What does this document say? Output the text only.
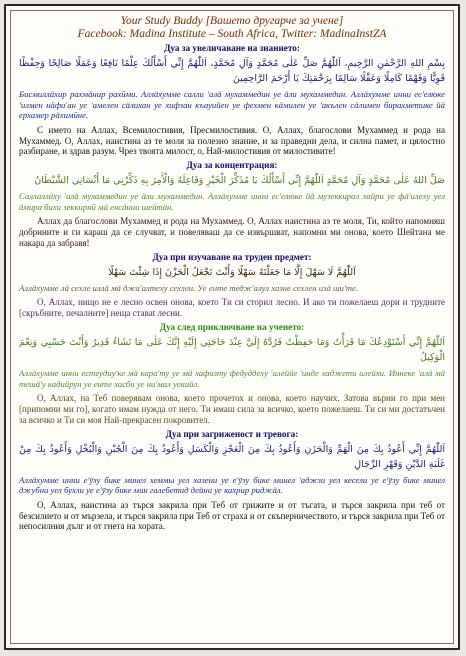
Your Study Buddy [Вашето другарче за учене]
Facebook: Madina Institute – South Africa, Twitter: MadinaInstZA
Дуа за увеличаване на знанието:
بِسْمِ اللهِ الرَّحْمٰنِ الرَّحِيمِ، اَللّٰهُمَّ صَلِّ عَلٰى مُحَمَّدٍ وَآلِ مُحَمَّدٍ، اَللّٰهُمَّ إِنِّي أَسْأَلُكَ عِلْمًا نَافِعًا وَعَمَلًا صَالِحًا وَحِفْظًا قَوِيًّا وَفَهْمًا كَامِلًا وَعَقْلًا سَالِمًا بِرَحْمَتِكَ يَا أَرْحَمَ الرَّاحِمِينَ
Бисмиллӓхир рахмӓнир рахӣми. Аллӓхумме салли 'алӓ мухаммедин уе ӓли мухаммедин. Аллӓхумме инни ес'елюке 'илмен нӓфи'ан уе 'амелен сӓлихан уе хифзан къауийен уе фехмен кӓмилен уе 'акълен сӓлимен бирахметике йӓ ерхамер рӓхимӣне.
С името на Аллах, Всемилостивия, Пресмилостивия. О, Аллах, благослови Мухаммед и рода на Мухаммед. О, Аллах, наистина аз те моля за полезно знание, и за праведни дела, и силна памет, и цялостно разбиране, и здрав разум. Чрез твоята милост, о, Най-милостивия от милостивите!
Дуа за концентрация:
صَلِّ اللهُ عَلٰى مُحَمَّدٍ وَآلِ مُحَمَّدٍ اَللّٰهُمَّ إِنِّي أَسْأَلُكَ يَا مُذَكِّرَ الْخَيْرِ وَفَاعِلَهُ وَالْأَمِرَ بِهِ ذَكِّرْنِي مَا أَنْسَانِي الشَّيْطَانُ
Саллаллӓху 'алӓ мухаммедин уе ӓли мухаммедин. Аллӓхумме инни ес'елюке йӓ музеккирал хайри уе фӓ'илеху уел ӓмира бихи зеккирнӣ мӓ енсӓнии шейтӓн.
Аллах да благослови Мухаммед и рода на Мухаммед. О, Аллах наистина аз те моля, Ти, който напомняш добрините и ги караш да се случват, и повеляваш да се извършват, напомни ми онова, което Шейтана ме накара да забравя!
Дуа при изучаване на труден предмет:
اَللّٰهُمَّ لَا سَهْلَ إِلَّا مَا جَعَلْتَهُ سَهْلًا وَأَنْتَ تَجْعَلُ الْحَزْنَ إِذَا شِئْتَ سَهْلًا
Аллӓхумме лӓ сехле иллӓ мӓ джа'алтеху сехлен. Уе енте тедж'алул хазне сехлен изӓ ши'те.
О, Аллах, нищо не е лесно освен онова, което Ти си сторил лесно. И ако ти пожелаеш дори и трудните [скръбните, печалните] неща ставаt лесни.
Дуа след приключване на ученето:
اَللّٰهُمَّ إِنِّي أَسْتَوْدِعُكَ مَا قَرَأْتُ وَمَا حَفِظْتُ فَرُدَّهُ إِلَيَّ عِنْدَ حَاجَتِي إِلَيْهِ إِنَّكَ عَلٰى مَا تَشَاءُ قَدِيرٌ وَأَنْتَ حَسْبِي وَنِعْمَ الْوَكِيلُ
Аллӓхумме инни естеудиу'ке мӓ кара'ту уе мӓ хафизту федуддеху 'алейӥе 'инде хаджети илейхи. Иннеке 'алӓ мӓ тешӓ'у кадийрун уе енте хасби уе ни'мал уекийл.
О, Аллах, на Теб поверявам онова, което прочетох и онова, което научих. Затова върни го при мен [припомни ми го], когато имам нужда от него. Ти имаш сила за всичко, което пожелаеш. Ти си ми достатъчен за всичко и Ти си моя Най-прекрасен покровител.
Дуа при загриженост и тревога:
اَللّٰهُمَّ إِنِّي أَعُوذُ بِكَ مِنَ الْهَمِّ وَالْحَزَنِ وَأَعُوذُ بِكَ مِنَ الْعَجْزِ وَالْكَسَلِ وَأَعُوذُ بِكَ مِنَ الْجُبْنِ وَالْبُخْلِ وَأَعُوذُ بِكَ مِنْ غَلَبَةِ الدَّيْنِ وَقَهْرِ الرِّجَالِ
Аллӓхумме инни е'ӯзу бике минел хеммы уел хазени уе е'ӯзу бике минел 'аджзи уел кесели уе е'ӯзу бике минел джубни уел бухли уе е'ӯзу бике мин галебетид дейни уе кахрир риджӓл.
О, Аллах, наистина аз търся закрила при Теб от грижите и от тъгата, и търся закрила при теб от безсилието и от мързела, и търся закрила при Теб от страха и от скъперничеството, и търся закрила при Теб от непосилния дълг и от гнета на хората.
